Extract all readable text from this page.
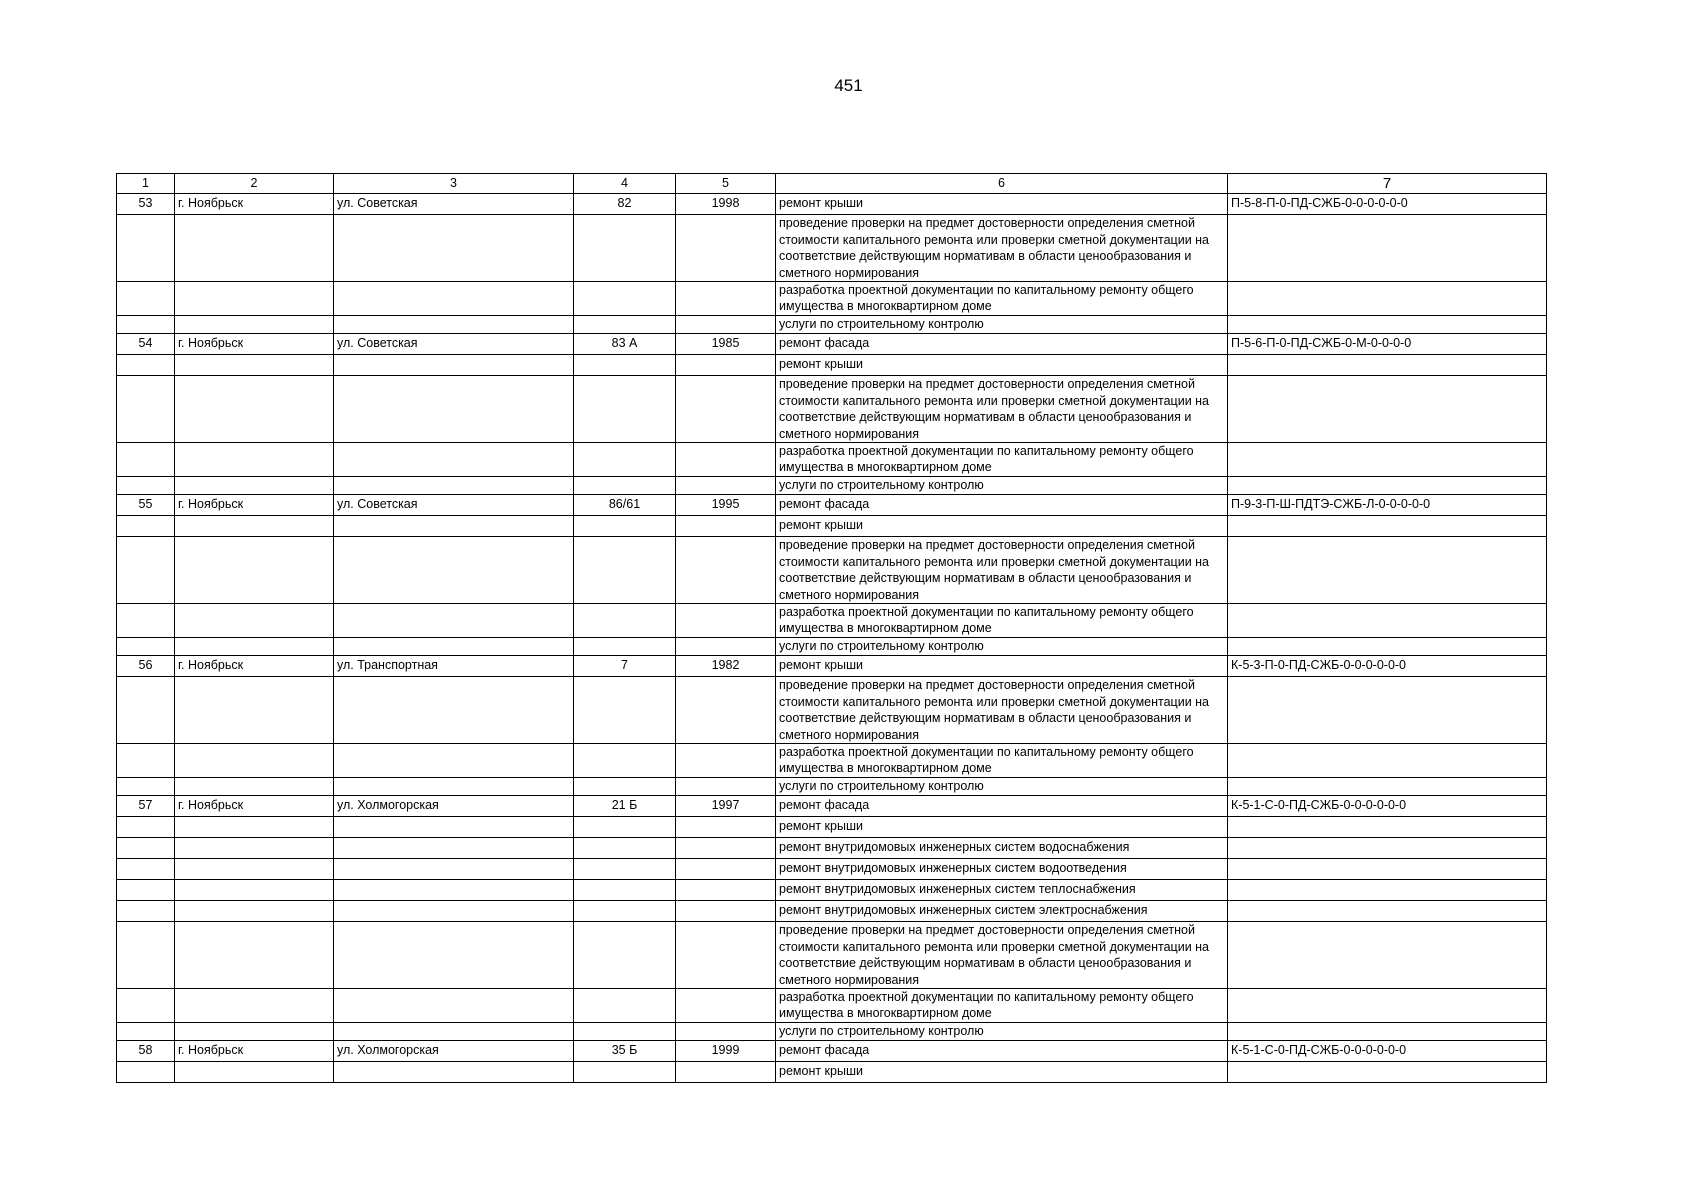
451
1	2	3	4	5	6	7
53	г. Ноябрьск	ул. Советская	82	1998	ремонт крыши	П-5-8-П-0-ПД-СЖБ-0-0-0-0-0-0
					проведение проверки на предмет достоверности определения сметной стоимости капитального ремонта или проверки сметной документации на соответствие действующим нормативам в области ценообразования и сметного нормирования	
					разработка проектной документации по капитальному ремонту общего имущества в многоквартирном доме	
					услуги по строительному контролю	
54	г. Ноябрьск	ул. Советская	83 А	1985	ремонт фасада	П-5-6-П-0-ПД-СЖБ-0-М-0-0-0-0
					ремонт крыши	
					проведение проверки на предмет достоверности определения сметной стоимости капитального ремонта или проверки сметной документации на соответствие действующим нормативам в области ценообразования и сметного нормирования	
					разработка проектной документации по капитальному ремонту общего имущества в многоквартирном доме	
					услуги по строительному контролю	
55	г. Ноябрьск	ул. Советская	86/61	1995	ремонт фасада	П-9-3-П-Ш-ПДТЭ-СЖБ-Л-0-0-0-0-0
					ремонт крыши	
					проведение проверки на предмет достоверности определения сметной стоимости капитального ремонта или проверки сметной документации на соответствие действующим нормативам в области ценообразования и сметного нормирования	
					разработка проектной документации по капитальному ремонту общего имущества в многоквартирном доме	
					услуги по строительному контролю	
56	г. Ноябрьск	ул. Транспортная	7	1982	ремонт крыши	К-5-3-П-0-ПД-СЖБ-0-0-0-0-0-0
					проведение проверки на предмет достоверности определения сметной стоимости капитального ремонта или проверки сметной документации на соответствие действующим нормативам в области ценообразования и сметного нормирования	
					разработка проектной документации по капитальному ремонту общего имущества в многоквартирном доме	
					услуги по строительному контролю	
57	г. Ноябрьск	ул. Холмогорская	21 Б	1997	ремонт фасада	К-5-1-С-0-ПД-СЖБ-0-0-0-0-0-0
					ремонт крыши	
					ремонт внутридомовых инженерных систем водоснабжения	
					ремонт внутридомовых инженерных систем водоотведения	
					ремонт внутридомовых инженерных систем теплоснабжения	
					ремонт внутридомовых инженерных систем электроснабжения	
					проведение проверки на предмет достоверности определения сметной стоимости капитального ремонта или проверки сметной документации на соответствие действующим нормативам в области ценообразования и сметного нормирования	
					разработка проектной документации по капитальному ремонту общего имущества в многоквартирном доме	
					услуги по строительному контролю	
58	г. Ноябрьск	ул. Холмогорская	35 Б	1999	ремонт фасада	К-5-1-С-0-ПД-СЖБ-0-0-0-0-0-0
					ремонт крыши	
